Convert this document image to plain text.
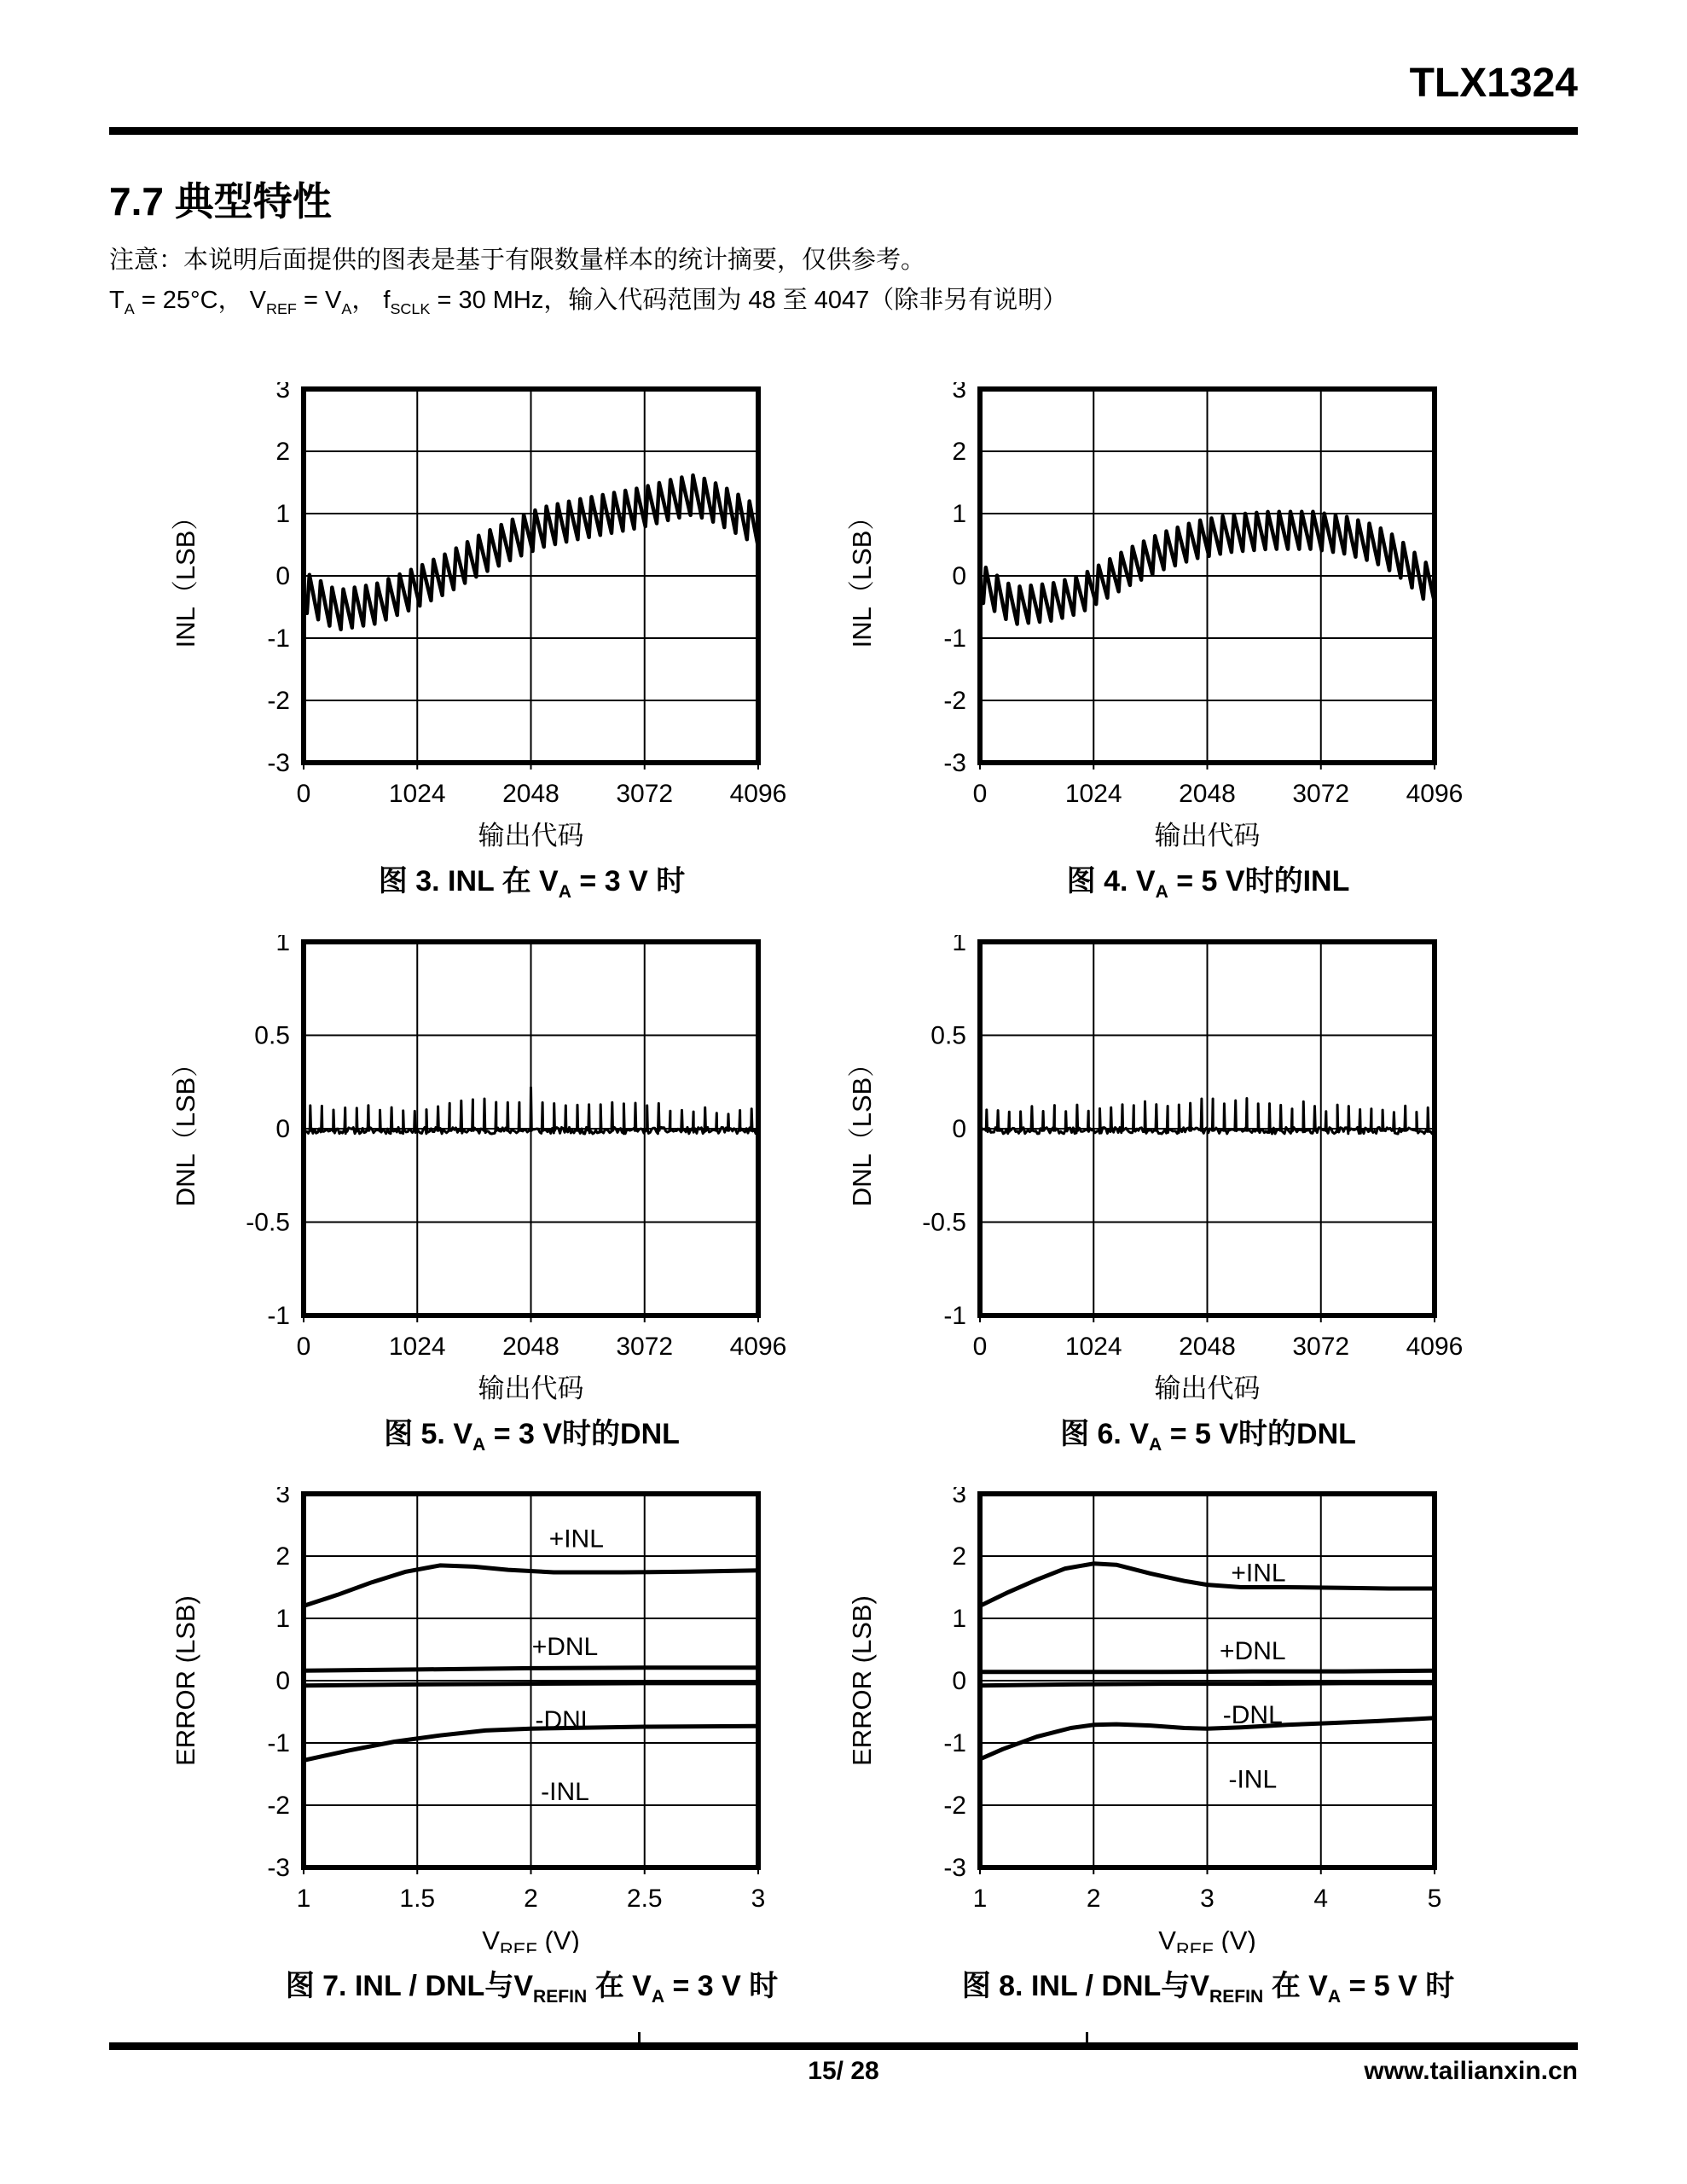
TLX1324
7.7 典型特性
注意：本说明后面提供的图表是基于有限数量样本的统计摘要，仅供参考。
$T_A = 25^\circ C$， $V_{REF} = V_A$， $f_{SCLK} = 30$ MHz，输入代码范围为 48 至 4047（除非另有说明）
3
2
1
0
-1
-2
-3
0	1024 2048 3072 4096
INL（LSB）
输出代码
图 3. INL 在 $V_A = 3$ V 时
3
2
1
0
-1
-2
-3
0	1024 2048 3072 4096
INL（LSB）
输出代码
图 4. $V_A = 5$ V时的INL
1
0.5
0
-0.5
-1
0	1024 2048 3072 4096
DNL（LSB）
输出代码
图 5. $V_A = 3$ V时的DNL
1
0.5
0
-0.5
-1
0	1024 2048 3072 4096
DNL（LSB）
输出代码
图 6. $V_A = 5$ V时的DNL
+INL
+DNL
-DNL
-INL
3
2
1
0
-1
-2
-3
1	1.5	2	2.5	3
ERROR (LSB)
$V_{REF}$ (V)
图 7. INL / DNL与$V_{REFIN}$ 在 $V_A = 3$ V 时
+INL
+DNL
-DNL
-INL
3
2
1
0
-1
-2
-3
1	2	3	4	5
ERROR (LSB)
$V_{REF}$ (V)
图 8. INL / DNL与$V_{REFIN}$ 在 $V_A = 5$ V 时
15/ 28	www.tailianxin.cn
